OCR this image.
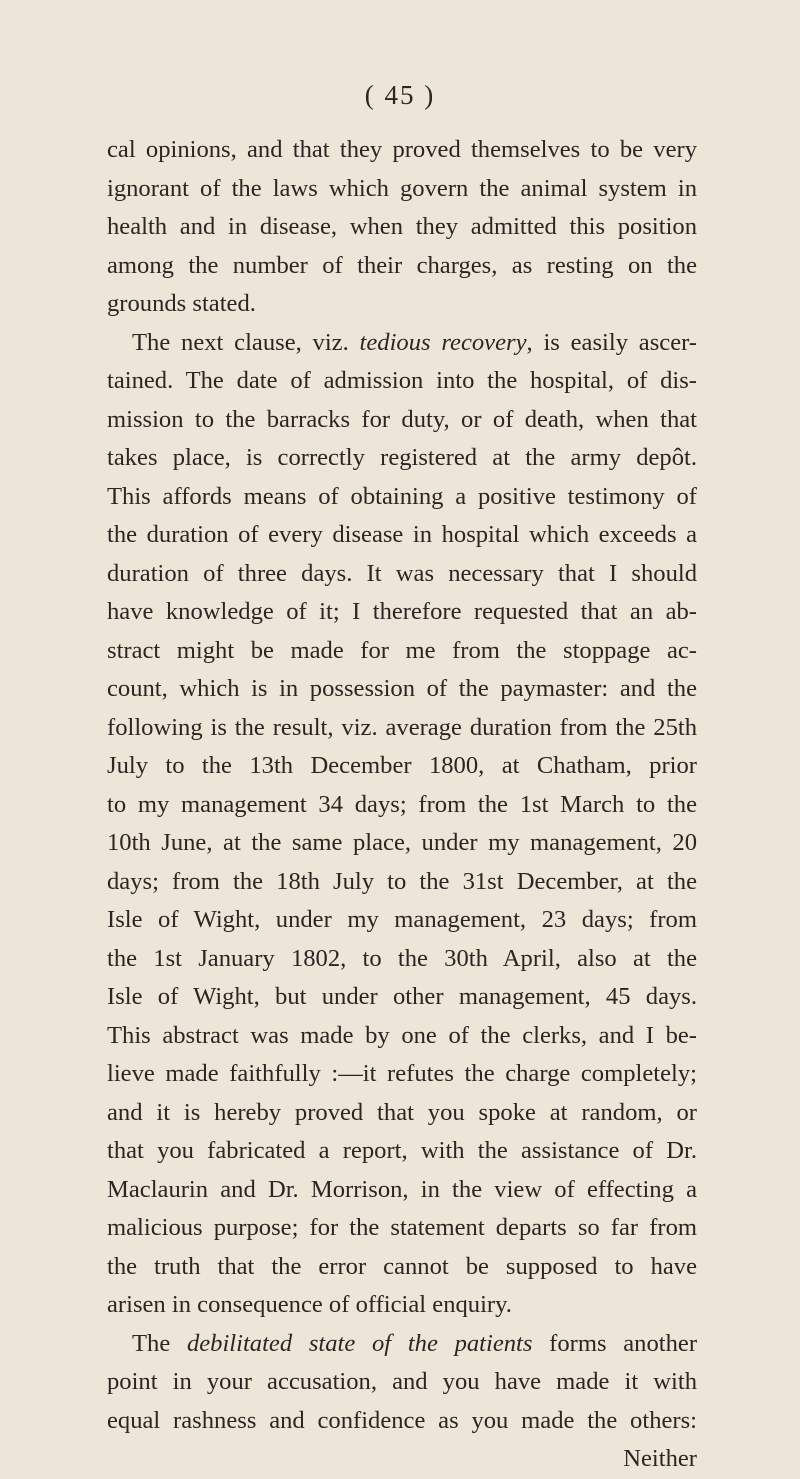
( 45 )
cal opinions, and that they proved themselves to be very
ignorant of the laws which govern the animal system in
health and in disease, when they admitted this position
among the number of their charges, as resting on the
grounds stated.
The next clause, viz. tedious recovery, is easily ascer-
tained. The date of admission into the hospital, of dis-
mission to the barracks for duty, or of death, when that
takes place, is correctly registered at the army depôt.
This affords means of obtaining a positive testimony of
the duration of every disease in hospital which exceeds a
duration of three days. It was necessary that I should
have knowledge of it; I therefore requested that an ab-
stract might be made for me from the stoppage ac-
count, which is in possession of the paymaster: and the
following is the result, viz. average duration from the 25th
July to the 13th December 1800, at Chatham, prior
to my management 34 days; from the 1st March to the
10th June, at the same place, under my management, 20
days; from the 18th July to the 31st December, at the
Isle of Wight, under my management, 23 days; from
the 1st January 1802, to the 30th April, also at the
Isle of Wight, but under other management, 45 days.
This abstract was made by one of the clerks, and I be-
lieve made faithfully :—it refutes the charge completely;
and it is hereby proved that you spoke at random, or
that you fabricated a report, with the assistance of Dr.
Maclaurin and Dr. Morrison, in the view of effecting a
malicious purpose; for the statement departs so far from
the truth that the error cannot be supposed to have
arisen in consequence of official enquiry.
The debilitated state of the patients forms another
point in your accusation, and you have made it with
equal rashness and confidence as you made the others:
Neither
